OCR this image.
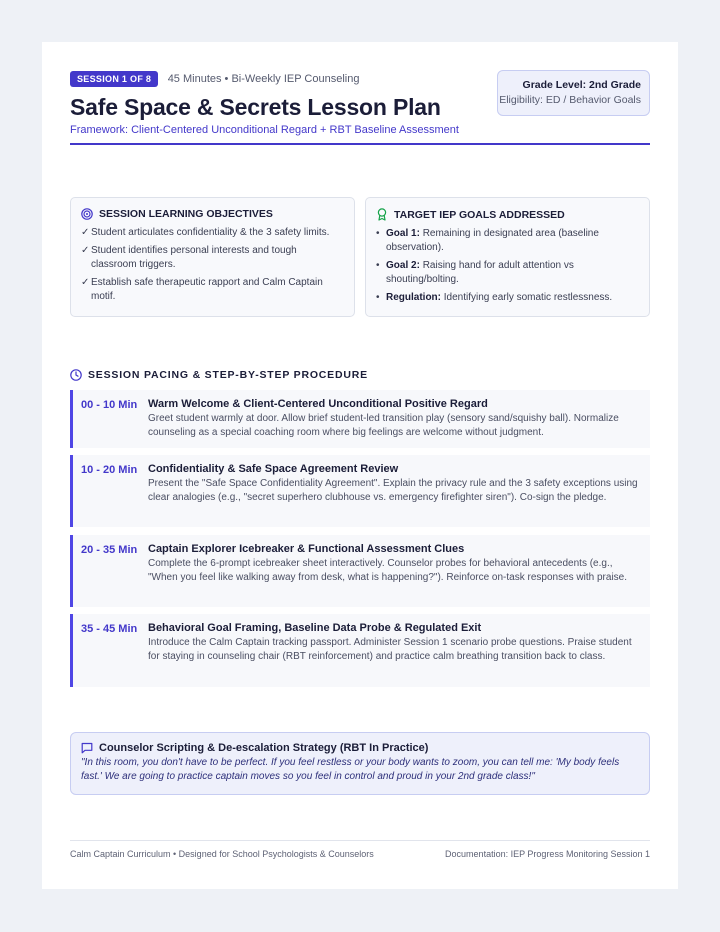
SESSION 1 OF 8 45 Minutes • Bi-Weekly IEP Counseling
Safe Space & Secrets Lesson Plan
Framework: Client-Centered Unconditional Regard + RBT Baseline Assessment
Grade Level: 2nd Grade
Eligibility: ED / Behavior Goals
SESSION LEARNING OBJECTIVES
✓ Student articulates confidentiality & the 3 safety limits.
✓ Student identifies personal interests and tough classroom triggers.
✓ Establish safe therapeutic rapport and Calm Captain motif.
TARGET IEP GOALS ADDRESSED
• Goal 1: Remaining in designated area (baseline observation).
• Goal 2: Raising hand for adult attention vs shouting/bolting.
• Regulation: Identifying early somatic restlessness.
SESSION PACING & STEP-BY-STEP PROCEDURE
00 - 10 Min Warm Welcome & Client-Centered Unconditional Positive Regard
Greet student warmly at door. Allow brief student-led transition play (sensory sand/squishy ball). Normalize counseling as a special coaching room where big feelings are welcome without judgment.
10 - 20 Min Confidentiality & Safe Space Agreement Review
Present the "Safe Space Confidentiality Agreement". Explain the privacy rule and the 3 safety exceptions using clear analogies (e.g., "secret superhero clubhouse vs. emergency firefighter siren"). Co-sign the pledge.
20 - 35 Min Captain Explorer Icebreaker & Functional Assessment Clues
Complete the 6-prompt icebreaker sheet interactively. Counselor probes for behavioral antecedents (e.g., "When you feel like walking away from desk, what is happening?"). Reinforce on-task responses with praise.
35 - 45 Min Behavioral Goal Framing, Baseline Data Probe & Regulated Exit
Introduce the Calm Captain tracking passport. Administer Session 1 scenario probe questions. Praise student for staying in counseling chair (RBT reinforcement) and practice calm breathing transition back to class.
Counselor Scripting & De-escalation Strategy (RBT In Practice)
"In this room, you don't have to be perfect. If you feel restless or your body wants to zoom, you can tell me: 'My body feels fast.' We are going to practice captain moves so you feel in control and proud in your 2nd grade class!"
Calm Captain Curriculum • Designed for School Psychologists & Counselors	Documentation: IEP Progress Monitoring Session 1
